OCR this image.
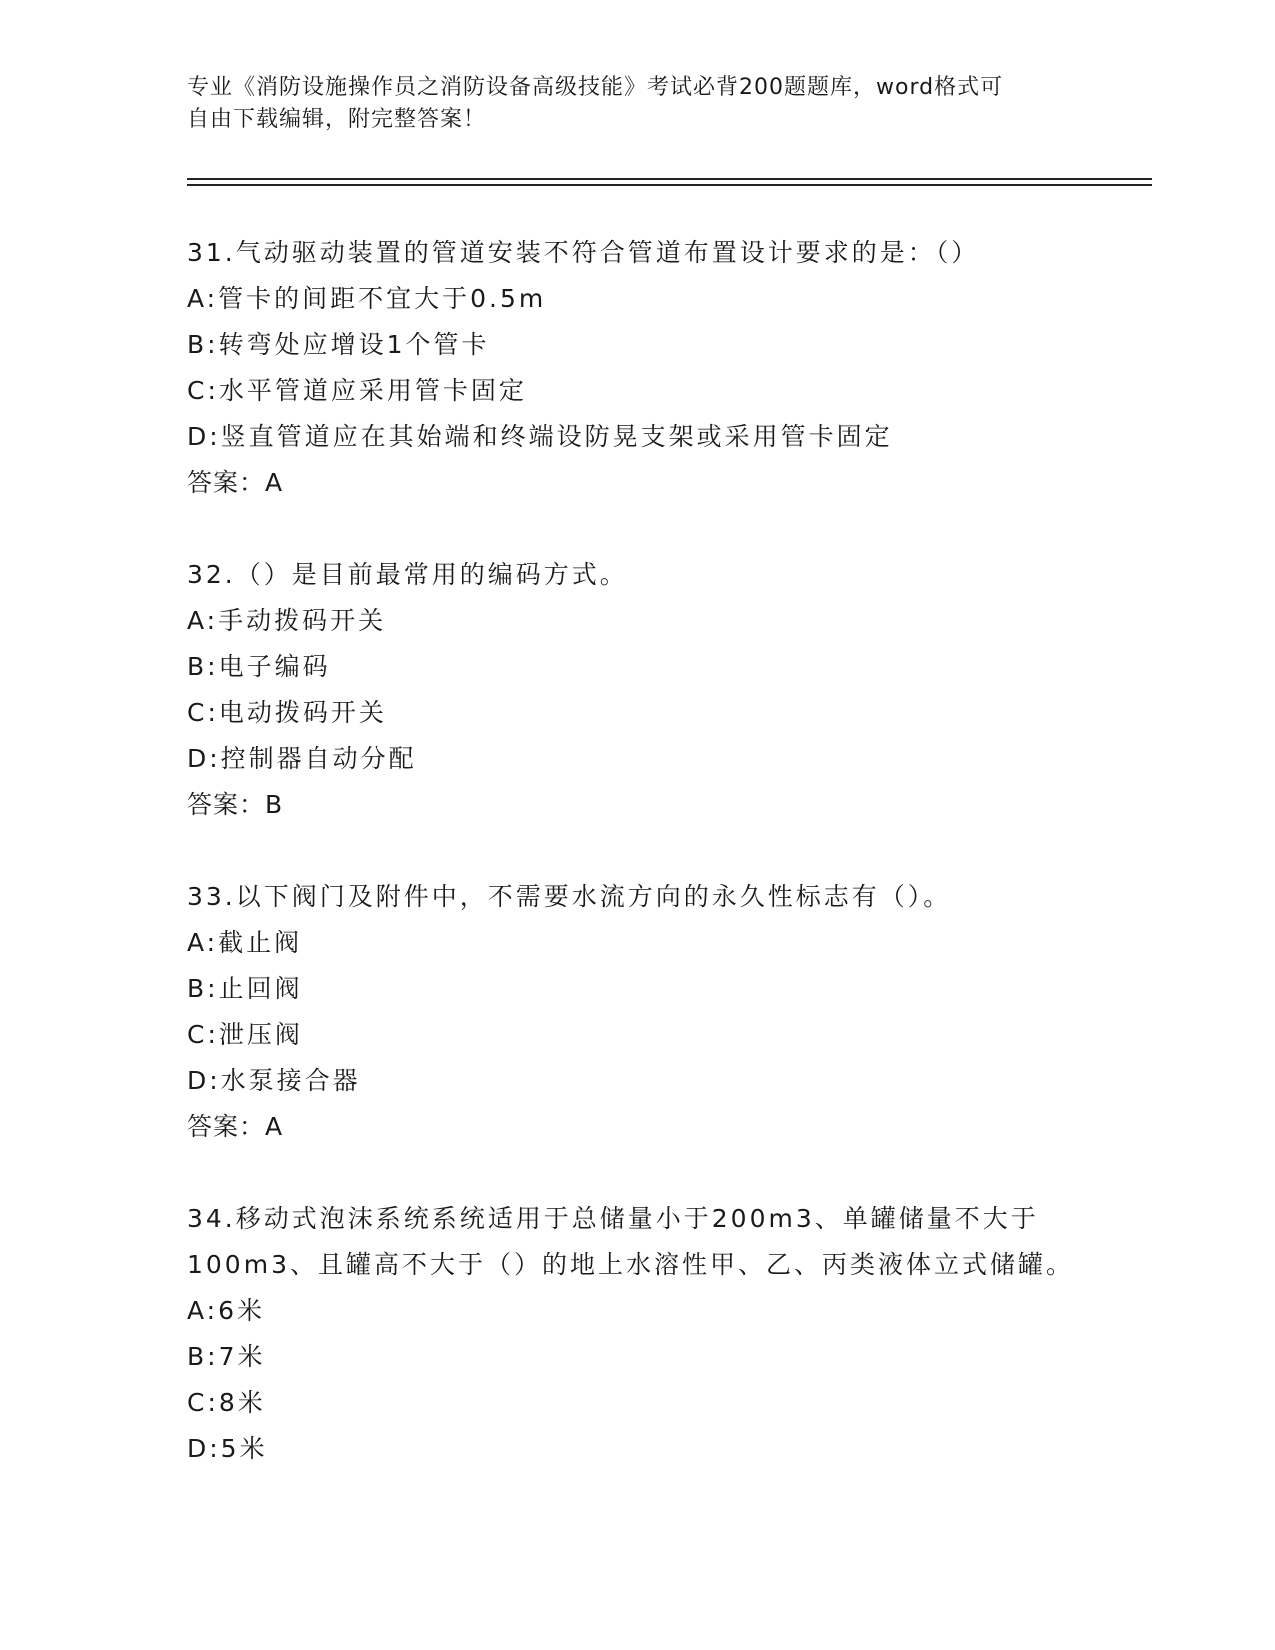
专业《消防设施操作员之消防设备高级技能》考试必背200题题库，word格式可
自由下载编辑，附完整答案！
31.气动驱动装置的管道安装不符合管道布置设计要求的是：（）
A:管卡的间距不宜大于0.5m
B:转弯处应增设1个管卡
C:水平管道应采用管卡固定
D:竖直管道应在其始端和终端设防晃支架或采用管卡固定
答案：A
32.（）是目前最常用的编码方式。
A:手动拨码开关
B:电子编码
C:电动拨码开关
D:控制器自动分配
答案：B
33.以下阀门及附件中，不需要水流方向的永久性标志有（）。
A:截止阀
B:止回阀
C:泄压阀
D:水泵接合器
答案：A
34.移动式泡沫系统系统适用于总储量小于200m3、单罐储量不大于
100m3、且罐高不大于（）的地上水溶性甲、乙、丙类液体立式储罐。
A:6米
B:7米
C:8米
D:5米
